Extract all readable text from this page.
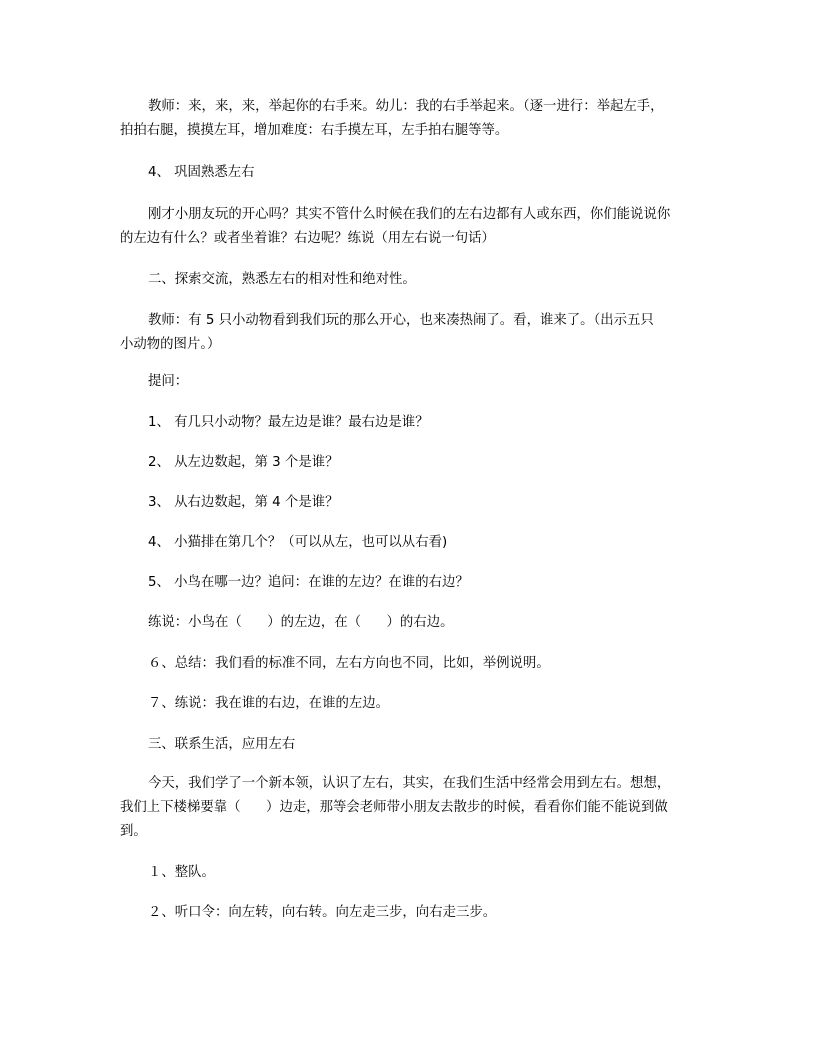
教师：来，来，来，举起你的右手来。幼儿：我的右手举起来。（逐一进行：举起左手，
拍拍右腿，摸摸左耳，增加难度：右手摸左耳，左手拍右腿等等。
4、 巩固熟悉左右
刚才小朋友玩的开心吗？其实不管什么时候在我们的左右边都有人或东西，你们能说说你
的左边有什么？或者坐着谁？右边呢？练说（用左右说一句话）
二、探索交流，熟悉左右的相对性和绝对性。
教师：有 5 只小动物看到我们玩的那么开心，也来凑热闹了。看，谁来了。（出示五只
小动物的图片。）
提问：
1、 有几只小动物？最左边是谁？最右边是谁？
2、 从左边数起，第 3 个是谁？
3、 从右边数起，第 4 个是谁？
4、 小猫排在第几个？（可以从左，也可以从右看)
5、 小鸟在哪一边？追问：在谁的左边？在谁的右边？
练说：小鸟在（      ）的左边，在（      ）的右边。
６、总结：我们看的标准不同，左右方向也不同，比如，举例说明。
７、练说：我在谁的右边，在谁的左边。
三、联系生活，应用左右
今天，我们学了一个新本领，认识了左右，其实，在我们生活中经常会用到左右。想想，
我们上下楼梯要靠（      ）边走，那等会老师带小朋友去散步的时候，看看你们能不能说到做
到。
１、整队。
２、听口令：向左转，向右转。向左走三步，向右走三步。
